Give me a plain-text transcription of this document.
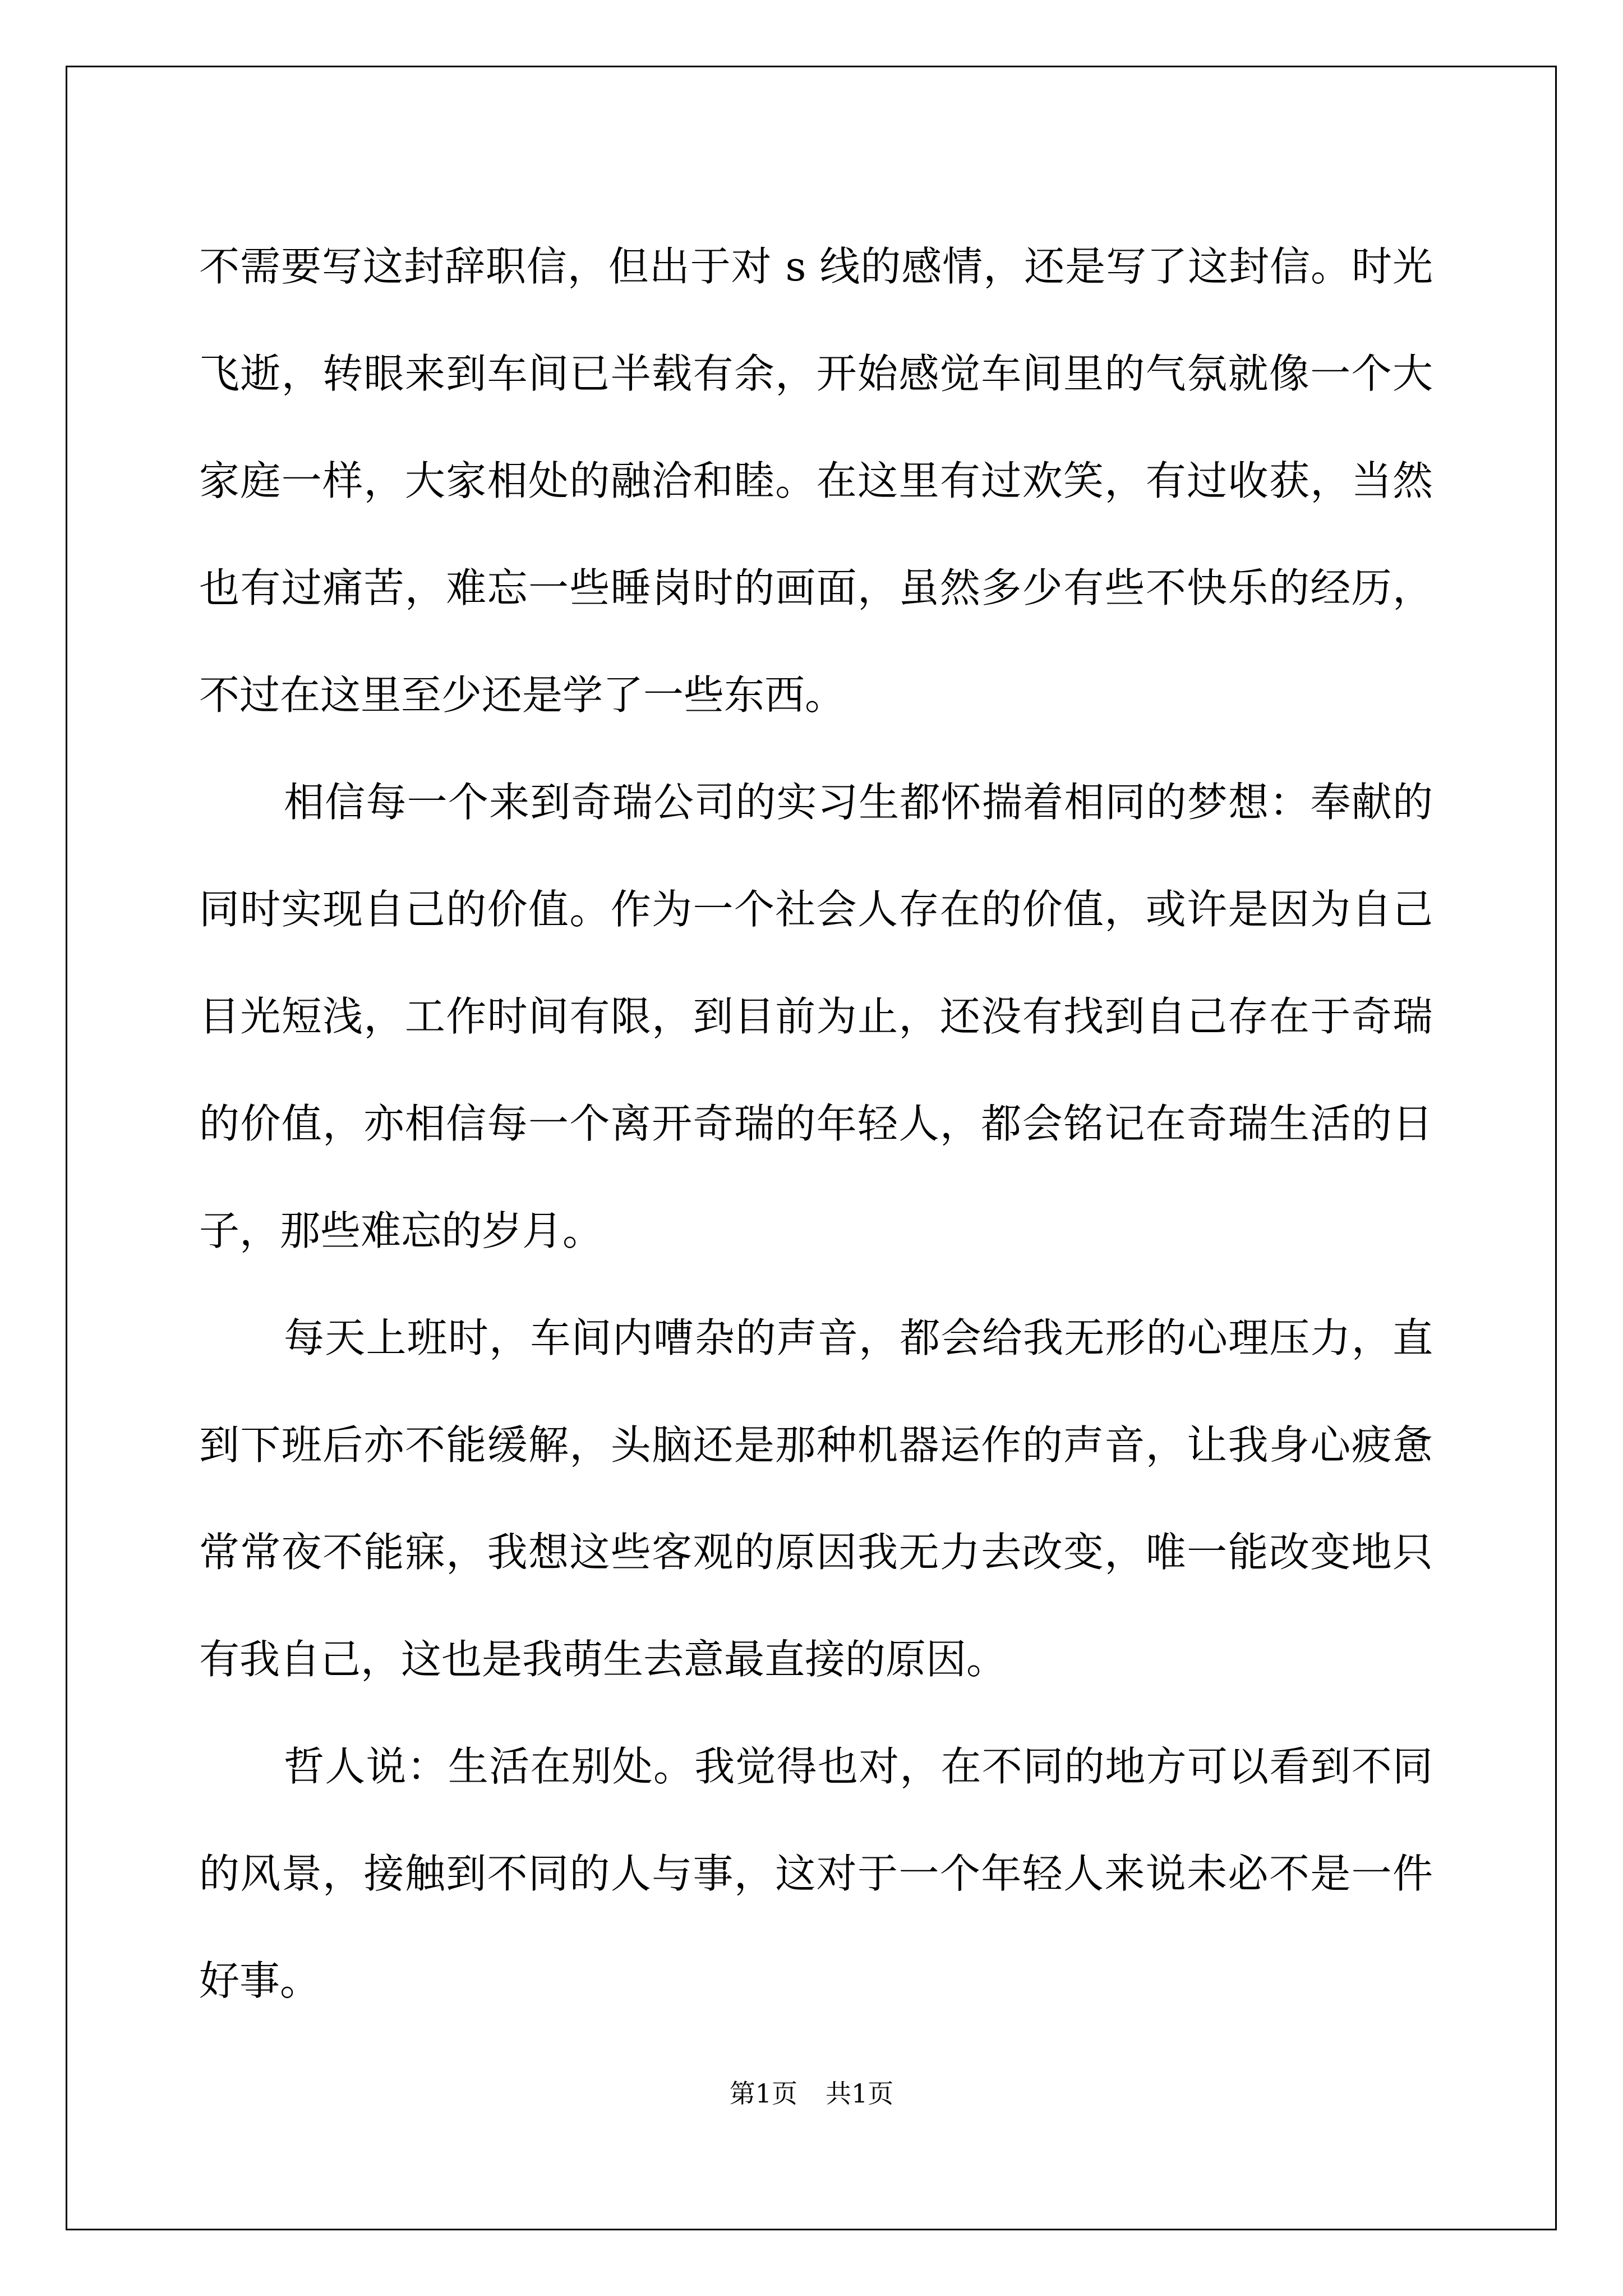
不需要写这封辞职信，但出于对 s 线的感情，还是写了这封信。时光飞逝，转眼来到车间已半载有余，开始感觉车间里的气氛就像一个大家庭一样，大家相处的融洽和睦。在这里有过欢笑，有过收获，当然也有过痛苦，难忘一些睡岗时的画面，虽然多少有些不快乐的经历，不过在这里至少还是学了一些东西。

相信每一个来到奇瑞公司的实习生都怀揣着相同的梦想：奉献的同时实现自己的价值。作为一个社会人存在的价值，或许是因为自己目光短浅，工作时间有限，到目前为止，还没有找到自己存在于奇瑞的价值，亦相信每一个离开奇瑞的年轻人，都会铭记在奇瑞生活的日子，那些难忘的岁月。

每天上班时，车间内嘈杂的声音，都会给我无形的心理压力，直到下班后亦不能缓解，头脑还是那种机器运作的声音，让我身心疲惫常常夜不能寐，我想这些客观的原因我无力去改变，唯一能改变地只有我自己，这也是我萌生去意最直接的原因。

哲人说：生活在别处。我觉得也对，在不同的地方可以看到不同的风景，接触到不同的人与事，这对于一个年轻人来说未必不是一件好事。

第1页 共1页
